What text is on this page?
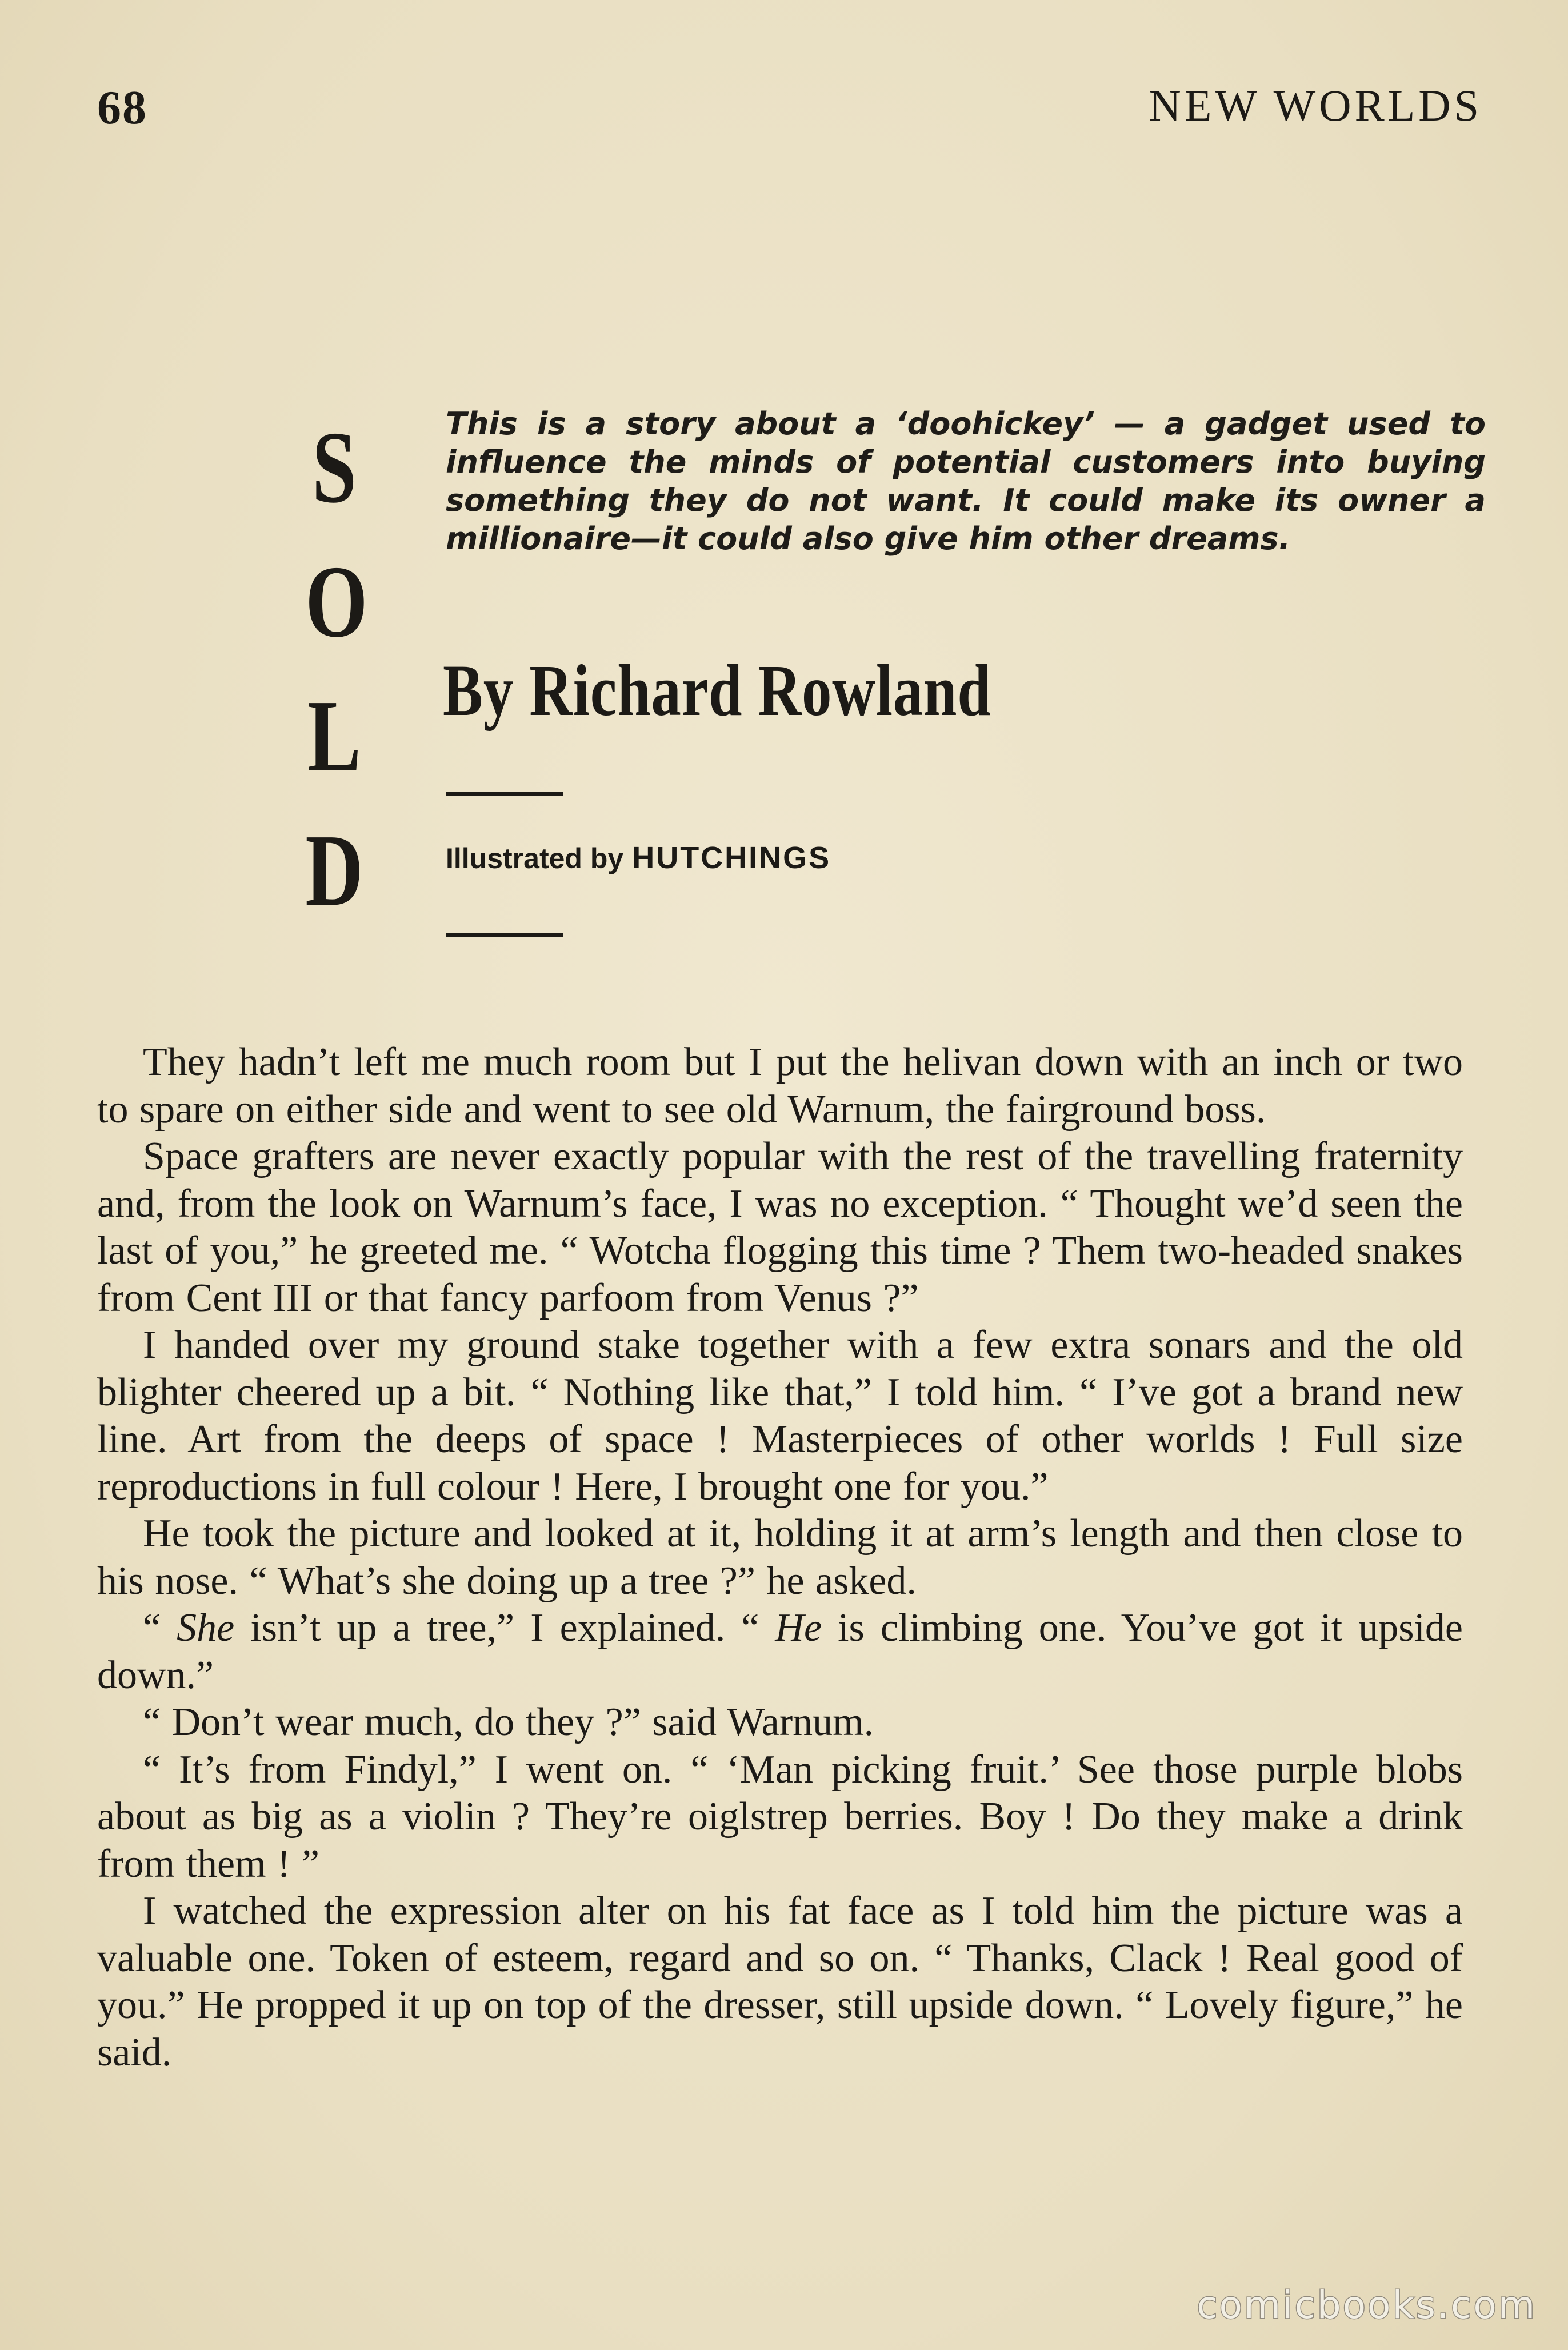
68	NEW WORLDS
S
O
L
D
This is a story about a ‘doohickey’ — a gadget used to influence the minds of potential customers into buying something they do not want. It could make its owner a millionaire—it could also give him other dreams.
By Richard Rowland
Illustrated by HUTCHINGS

They hadn’t left me much room but I put the helivan down with an inch or two to spare on either side and went to see old Warnum, the fairground boss.

Space grafters are never exactly popular with the rest of the travelling fraternity and, from the look on Warnum’s face, I was no exception. “ Thought we’d seen the last of you,” he greeted me. “ Wotcha flogging this time ? Them two-headed snakes from Cent III or that fancy parfoom from Venus ?”

I handed over my ground stake together with a few extra sonars and the old blighter cheered up a bit. “ Nothing like that,” I told him. “ I’ve got a brand new line. Art from the deeps of space ! Masterpieces of other worlds ! Full size reproductions in full colour ! Here, I brought one for you.”

He took the picture and looked at it, holding it at arm’s length and then close to his nose. “ What’s she doing up a tree ?” he asked.

“ She isn’t up a tree,” I explained. “ He is climbing one. You’ve got it upside down.”

“ Don’t wear much, do they ?” said Warnum.

“ It’s from Findyl,” I went on. “ ‘Man picking fruit.’ See those purple blobs about as big as a violin ? They’re oiglstrep berries. Boy ! Do they make a drink from them ! ”

I watched the expression alter on his fat face as I told him the picture was a valuable one. Token of esteem, regard and so on. “ Thanks, Clack ! Real good of you.” He propped it up on top of the dresser, still upside down. “ Lovely figure,” he said.

comicbooks.com
